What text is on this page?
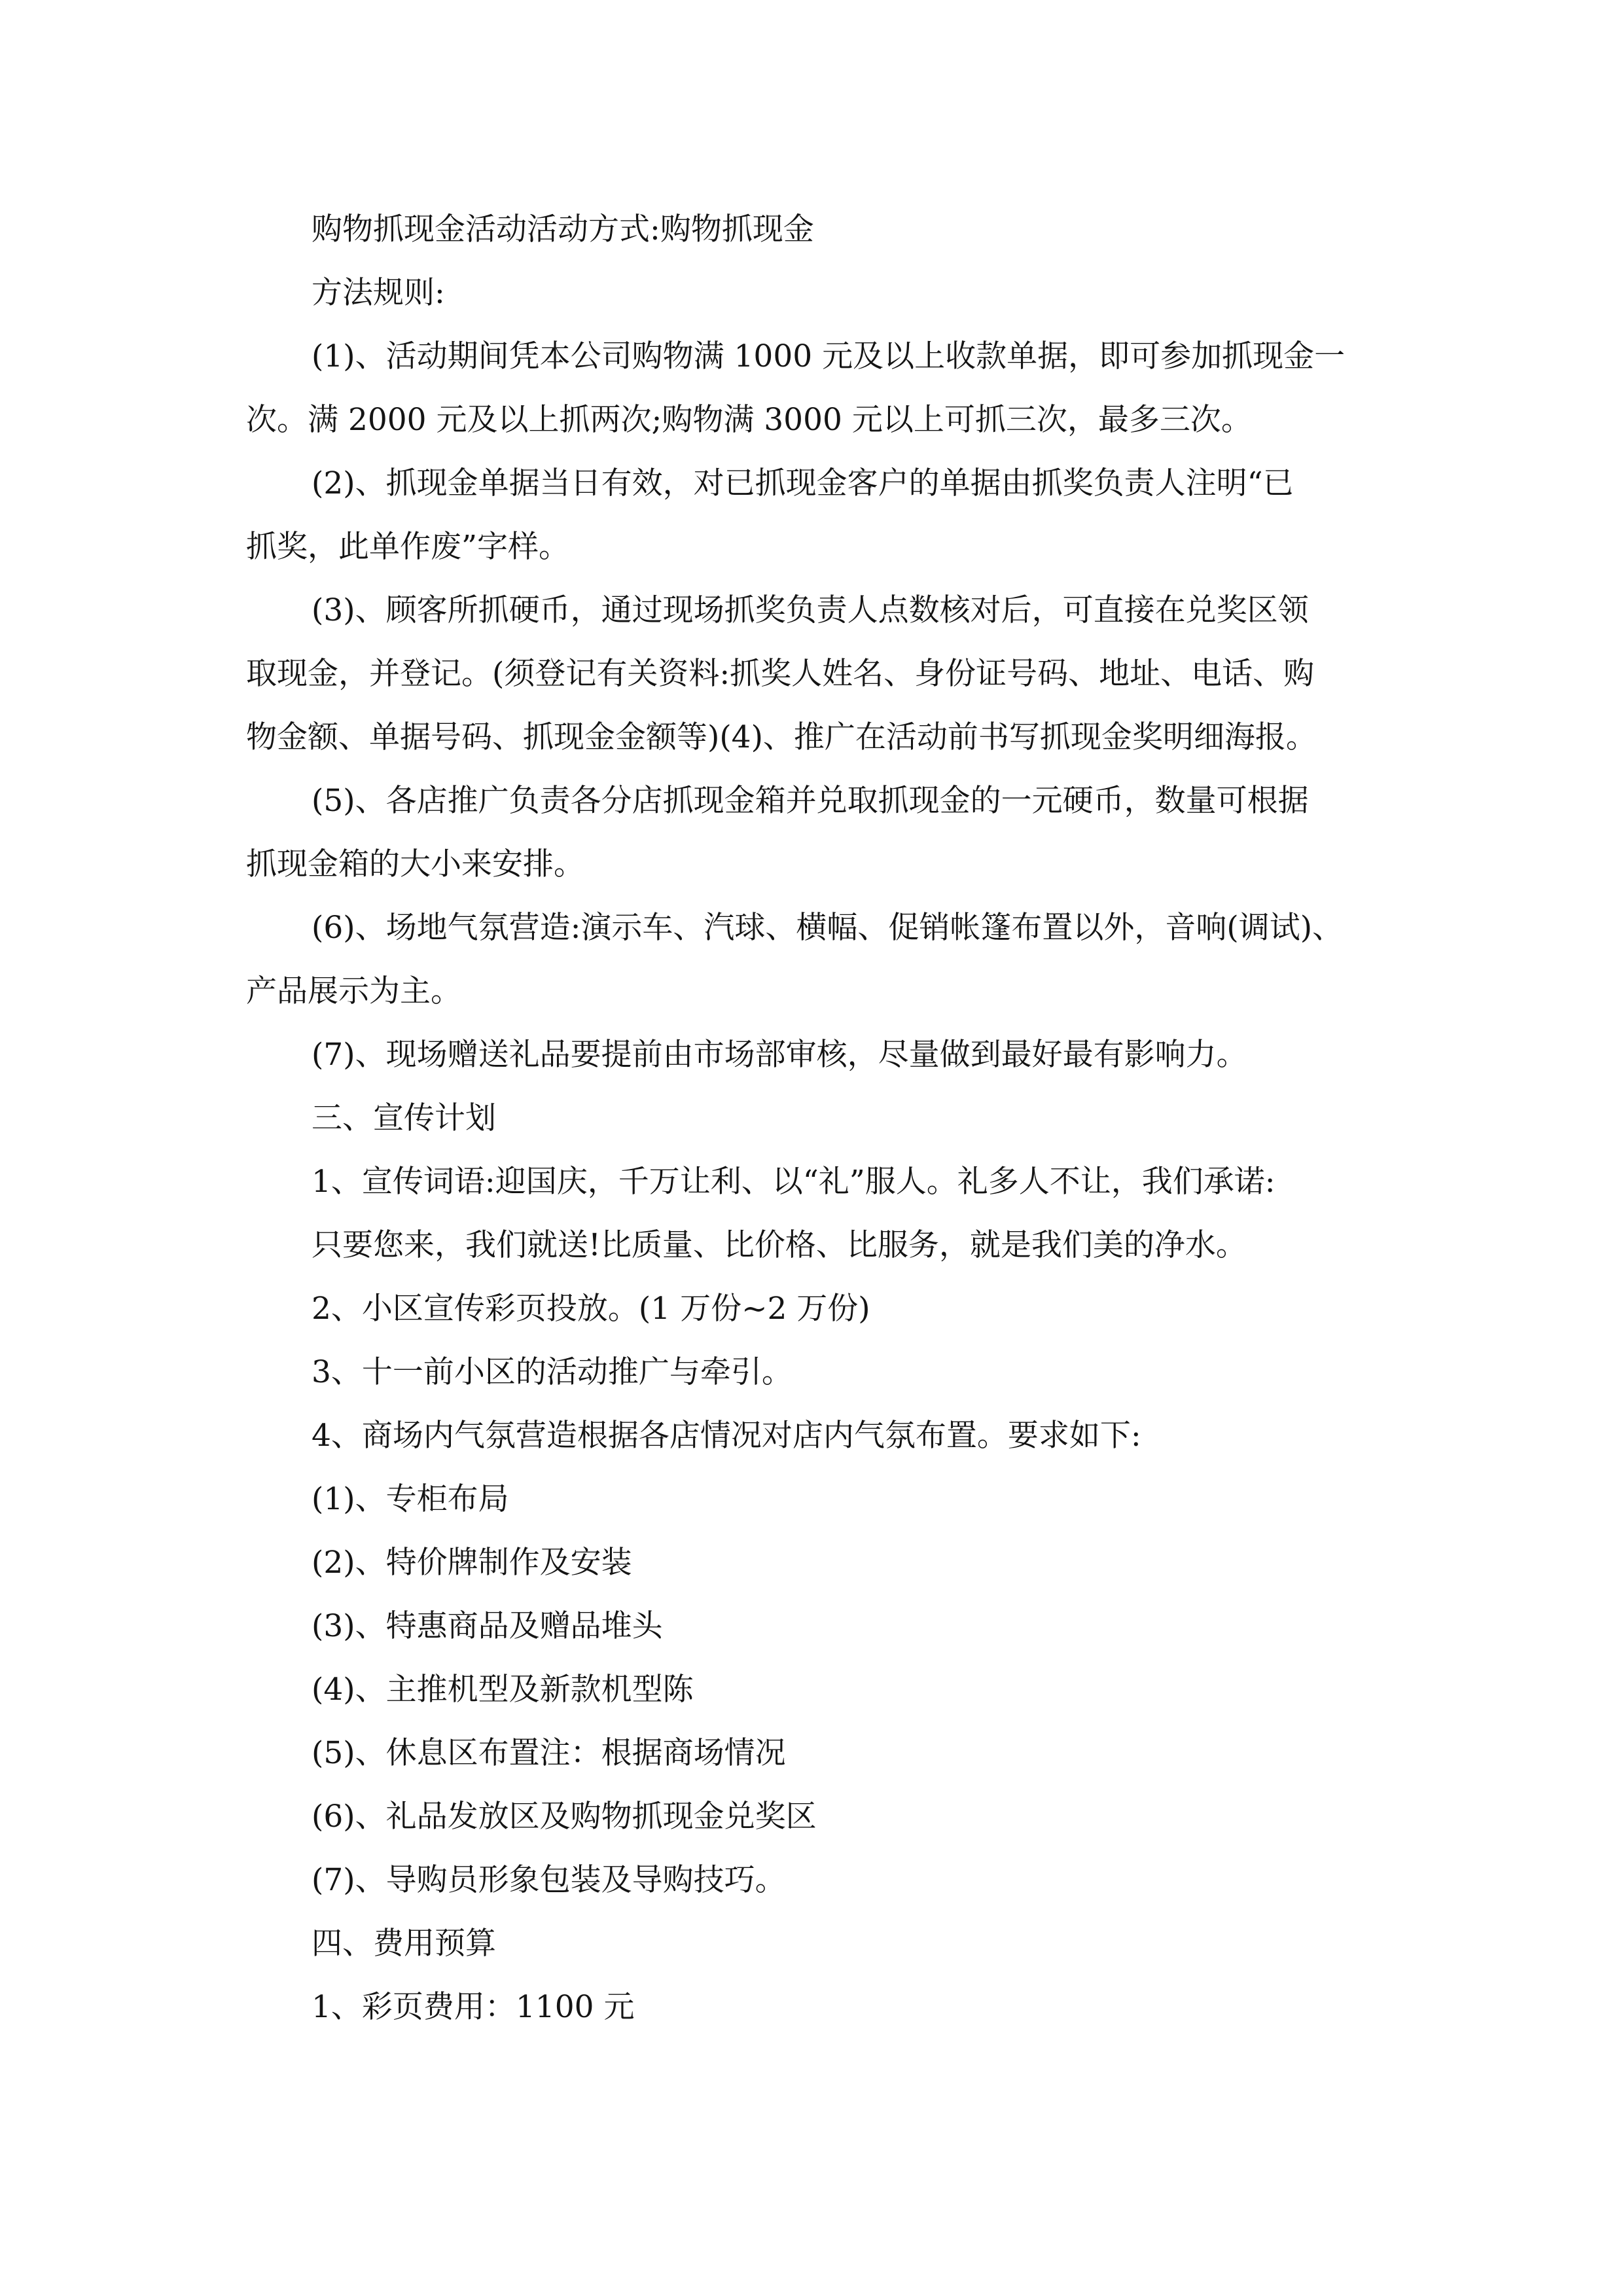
购物抓现金活动活动方式:购物抓现金

方法规则:

(1)、活动期间凭本公司购物满 1000 元及以上收款单据，即可参加抓现金一

次。满 2000 元及以上抓两次;购物满 3000 元以上可抓三次，最多三次。

(2)、抓现金单据当日有效，对已抓现金客户的单据由抓奖负责人注明“已

抓奖，此单作废”字样。

(3)、顾客所抓硬币，通过现场抓奖负责人点数核对后，可直接在兑奖区领

取现金，并登记。(须登记有关资料:抓奖人姓名、身份证号码、地址、电话、购

物金额、单据号码、抓现金金额等)(4)、推广在活动前书写抓现金奖明细海报。

(5)、各店推广负责各分店抓现金箱并兑取抓现金的一元硬币，数量可根据

抓现金箱的大小来安排。

(6)、场地气氛营造:演示车、汽球、横幅、促销帐篷布置以外，音响(调试)、

产品展示为主。

(7)、现场赠送礼品要提前由市场部审核，尽量做到最好最有影响力。

三、宣传计划

1、宣传词语:迎国庆，千万让利、以“礼”服人。礼多人不让，我们承诺:

只要您来，我们就送!比质量、比价格、比服务，就是我们美的净水。

2、小区宣传彩页投放。(1 万份~2 万份)

3、十一前小区的活动推广与牵引。

4、商场内气氛营造根据各店情况对店内气氛布置。要求如下:

(1)、专柜布局

(2)、特价牌制作及安装

(3)、特惠商品及赠品堆头

(4)、主推机型及新款机型陈

(5)、休息区布置注：根据商场情况

(6)、礼品发放区及购物抓现金兑奖区

(7)、导购员形象包装及导购技巧。

四、费用预算

1、彩页费用：1100 元
